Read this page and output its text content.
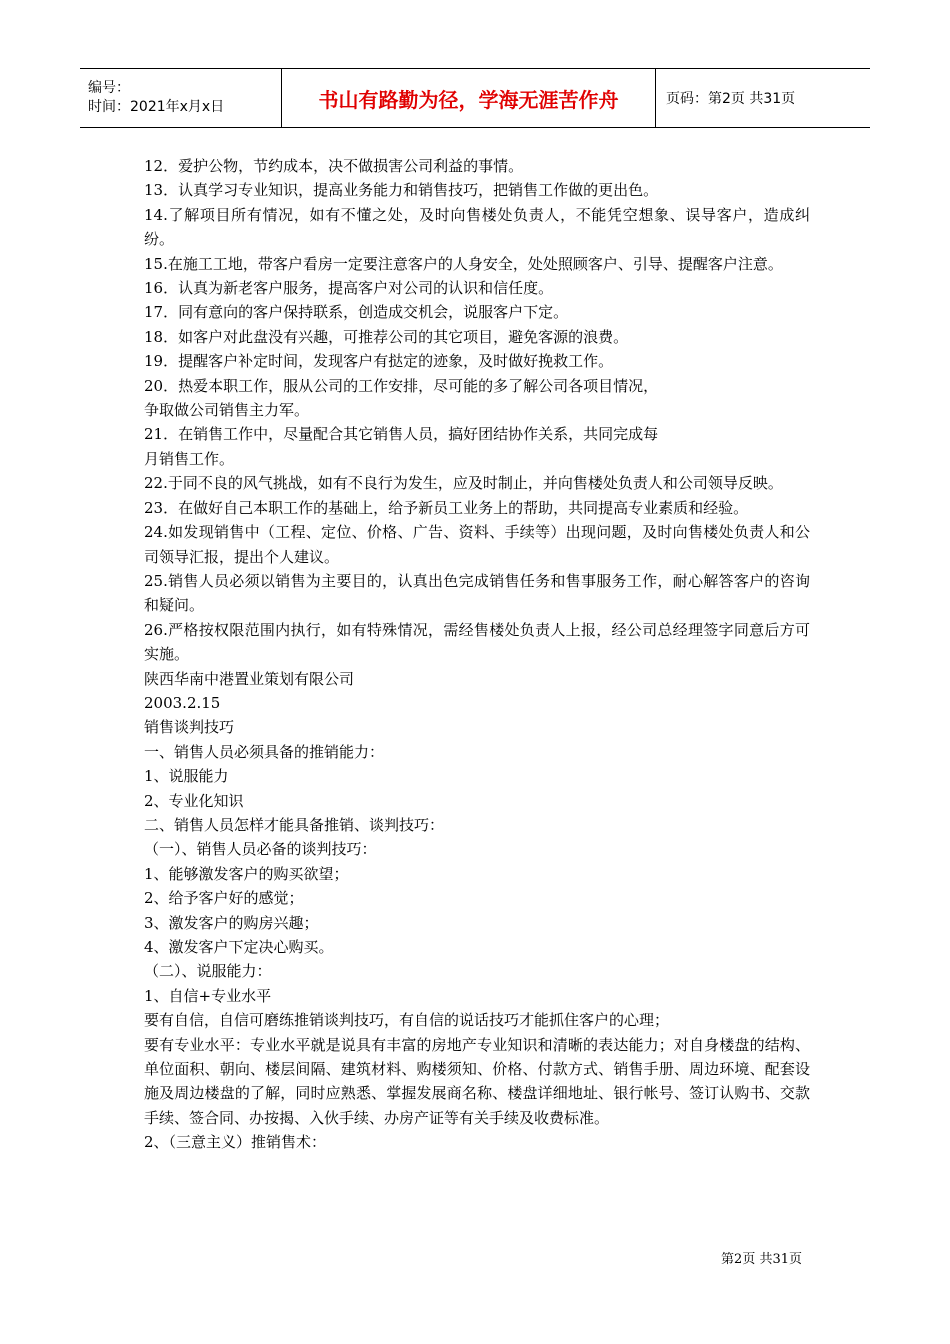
编号：
时间：2021年x月x日	书山有路勤为径，学海无涯苦作舟	页码：第2页 共31页

12．爱护公物，节约成本，决不做损害公司利益的事情。

13．认真学习专业知识，提高业务能力和销售技巧，把销售工作做的更出色。

14.了解项目所有情况，如有不懂之处，及时向售楼处负责人，不能凭空想象、误导客户，造成纠纷。

15.在施工工地，带客户看房一定要注意客户的人身安全，处处照顾客户、引导、提醒客户注意。

16．认真为新老客户服务，提高客户对公司的认识和信任度。

17．同有意向的客户保持联系，创造成交机会，说服客户下定。

18．如客户对此盘没有兴趣，可推荐公司的其它项目，避免客源的浪费。

19．提醒客户补定时间，发现客户有挞定的迹象，及时做好挽救工作。

20．热爱本职工作，服从公司的工作安排，尽可能的多了解公司各项目情况，

争取做公司销售主力军。

21．在销售工作中，尽量配合其它销售人员，搞好团结协作关系，共同完成每

月销售工作。

22.于同不良的风气挑战，如有不良行为发生，应及时制止，并向售楼处负责人和公司领导反映。

23．在做好自己本职工作的基础上，给予新员工业务上的帮助，共同提高专业素质和经验。

24.如发现销售中（工程、定位、价格、广告、资料、手续等）出现问题，及时向售楼处负责人和公司领导汇报，提出个人建议。

25.销售人员必须以销售为主要目的，认真出色完成销售任务和售事服务工作，耐心解答客户的咨询和疑问。

26.严格按权限范围内执行，如有特殊情况，需经售楼处负责人上报，经公司总经理签字同意后方可实施。

陕西华南中港置业策划有限公司

2003.2.15

销售谈判技巧

一、销售人员必须具备的推销能力：

1、说服能力

2、专业化知识

二、销售人员怎样才能具备推销、谈判技巧：

（一）、销售人员必备的谈判技巧：

1、能够激发客户的购买欲望；

2、给予客户好的感觉；

3、激发客户的购房兴趣；

4、激发客户下定决心购买。

（二）、说服能力：

1、自信+专业水平

要有自信，自信可磨练推销谈判技巧，有自信的说话技巧才能抓住客户的心理；

要有专业水平：专业水平就是说具有丰富的房地产专业知识和清晰的表达能力；对自身楼盘的结构、单位面积、朝向、楼层间隔、建筑材料、购楼须知、价格、付款方式、销售手册、周边环境、配套设施及周边楼盘的了解，同时应熟悉、掌握发展商名称、楼盘详细地址、银行帐号、签订认购书、交款手续、签合同、办按揭、入伙手续、办房产证等有关手续及收费标准。

2、（三意主义）推销售术：

第2页 共31页
